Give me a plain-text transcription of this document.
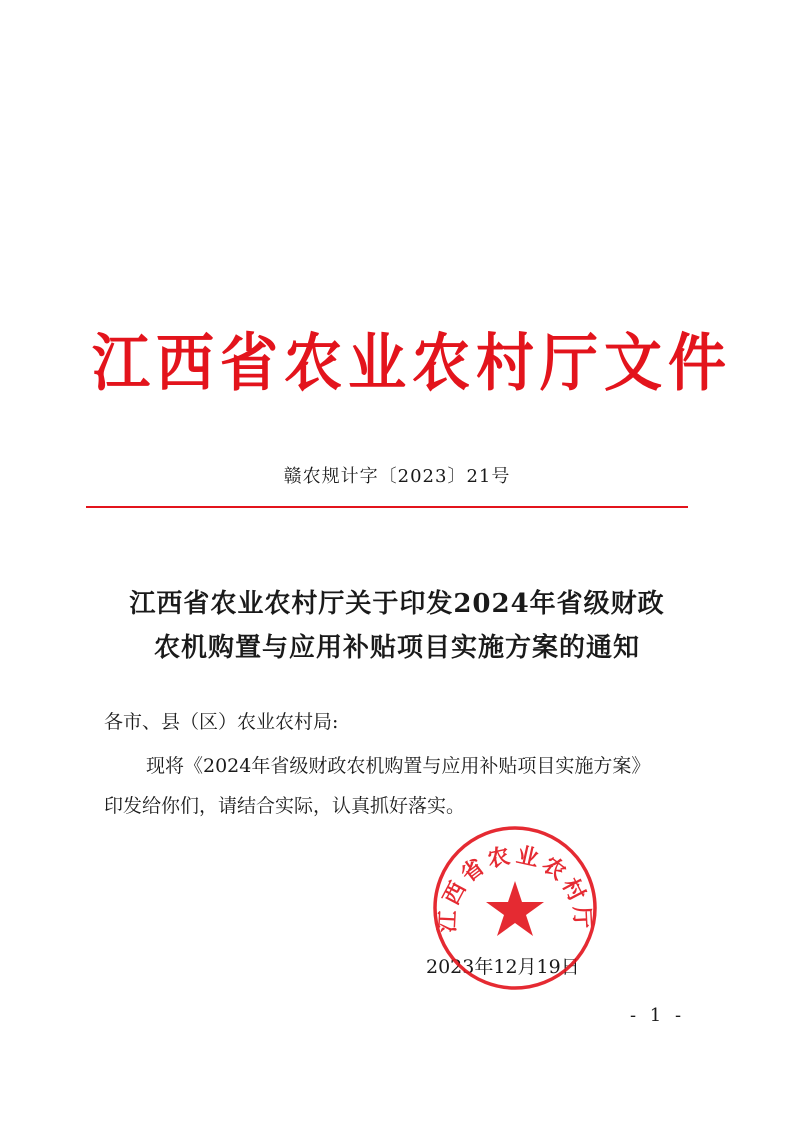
江西省农业农村厅文件
赣农规计字〔2023〕21号
江西省农业农村厅关于印发2024年省级财政
农机购置与应用补贴项目实施方案的通知
各市、县（区）农业农村局:
现将《2024年省级财政农机购置与应用补贴项目实施方案》
印发给你们，请结合实际，认真抓好落实。
2023年12月19日
江西省农业农村厅
- 1 -
